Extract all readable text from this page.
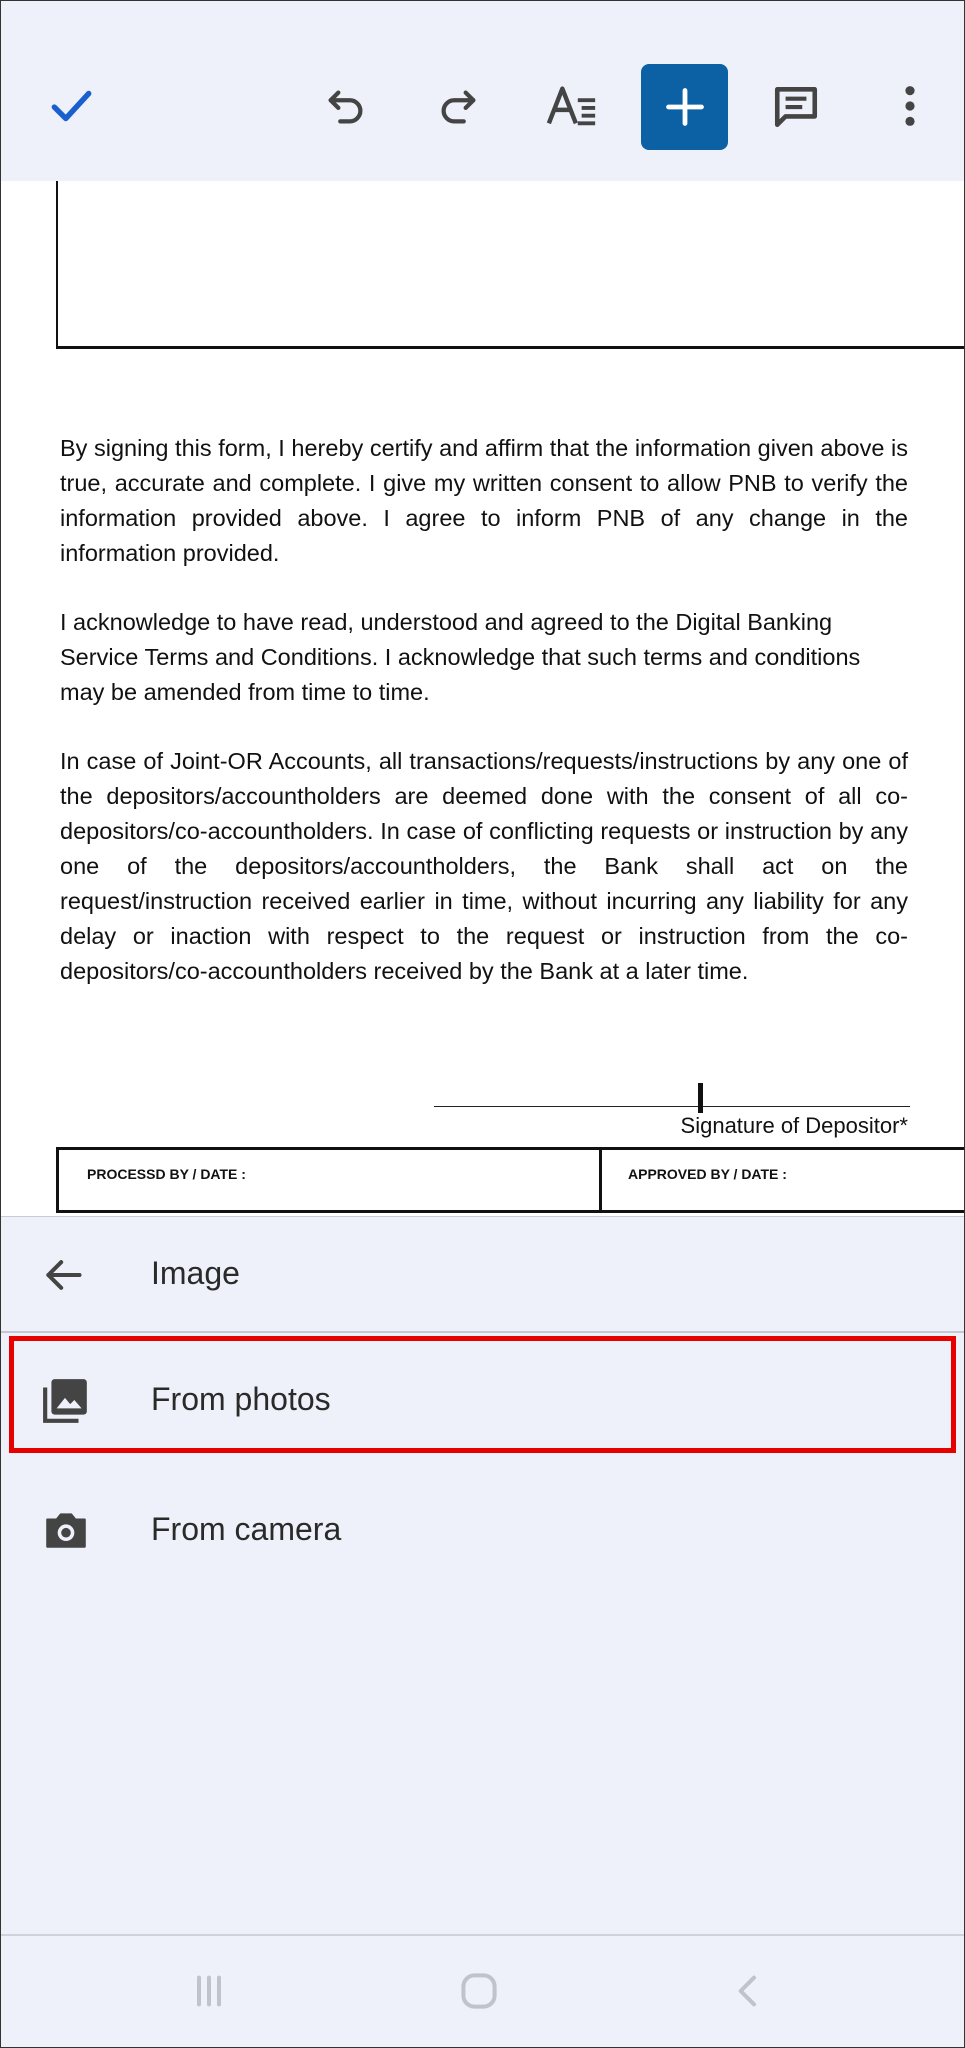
By signing this form, I hereby certify and affirm that the information given above is true, accurate and complete. I give my written consent to allow PNB to verify the information provided above. I agree to inform PNB of any change in the information provided.
I acknowledge to have read, understood and agreed to the Digital Banking Service Terms and Conditions. I acknowledge that such terms and conditions may be amended from time to time.
In case of Joint-OR Accounts, all transactions/requests/instructions by any one of the depositors/accountholders are deemed done with the consent of all co-depositors/co-accountholders. In case of conflicting requests or instruction by any one of the depositors/accountholders, the Bank shall act on the request/instruction received earlier in time, without incurring any liability for any delay or inaction with respect to the request or instruction from the co-depositors/co-accountholders received by the Bank at a later time.
Signature of Depositor*
PROCESSD BY / DATE :	APPROVED BY / DATE :
Image
From photos
From camera
